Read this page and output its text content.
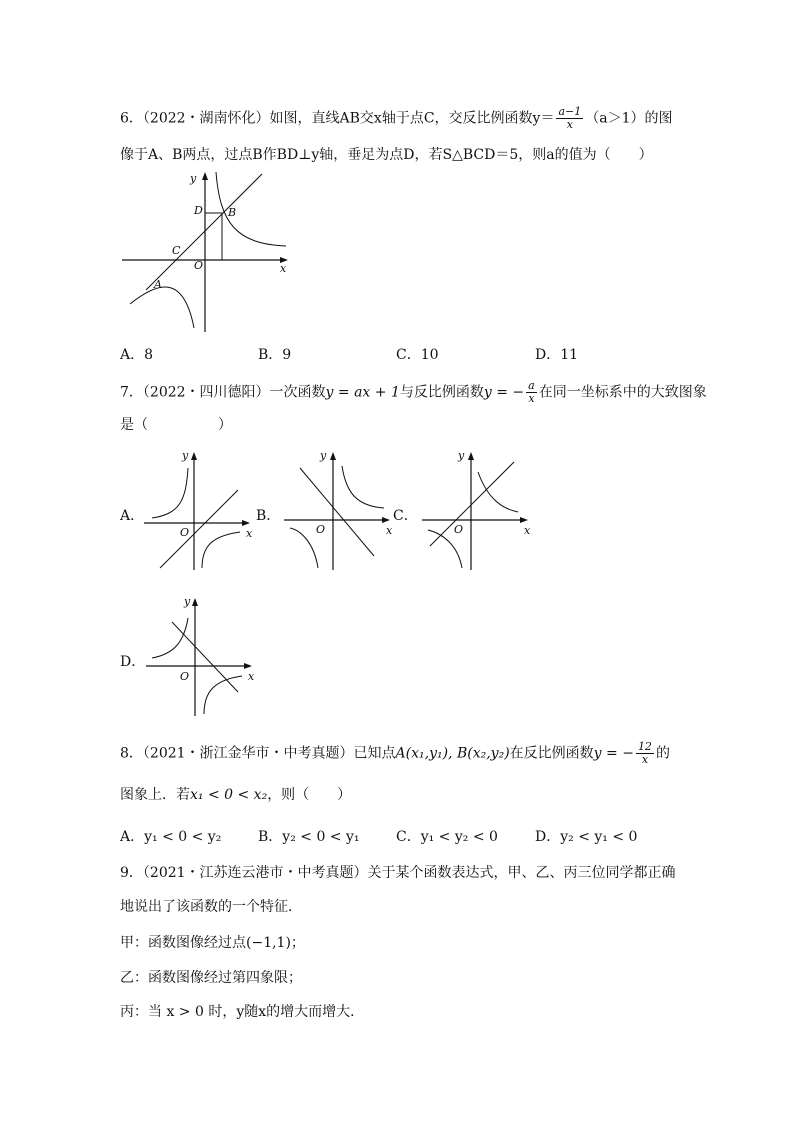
6．（2022・湖南怀化）如图，直线AB交x轴于点C，交反比例函数$y= \frac{a-1}{x} (a>1)$的图
像于A、B两点，过点B作BD⊥y轴，垂足为点D，若S△BCD＝5，则a的值为（　　）
y
x
D B
C
O
A
A．8	B．9	C．10	D．11
7．（2022・四川德阳）一次函数y = ax + 1与反比例函数y = − $\frac{a}{x}$ 在同一坐标系中的大致图象
是（　　　　　）
A．	B．	C．
D．
y
x
O
y
x
O
y
x
O
y
x
O
8．（2021・浙江金华市・中考真题）已知点A(x₁,y₁), B(x₂,y₂)在反比例函数y = − $\frac{12}{x}$ 的
图象上．若x₁ < 0 < x₂，则（　　）
A．y₁ < 0 < y₂	B．y₂ < 0 < y₁	C．y₁ < y₂ < 0	D．y₂ < y₁ < 0
9．（2021・江苏连云港市・中考真题）关于某个函数表达式，甲、乙、丙三位同学都正确
地说出了该函数的一个特征．
甲：函数图像经过点(−1,1)；
乙：函数图像经过第四象限；
丙：当 x > 0 时，y随x的增大而增大．
